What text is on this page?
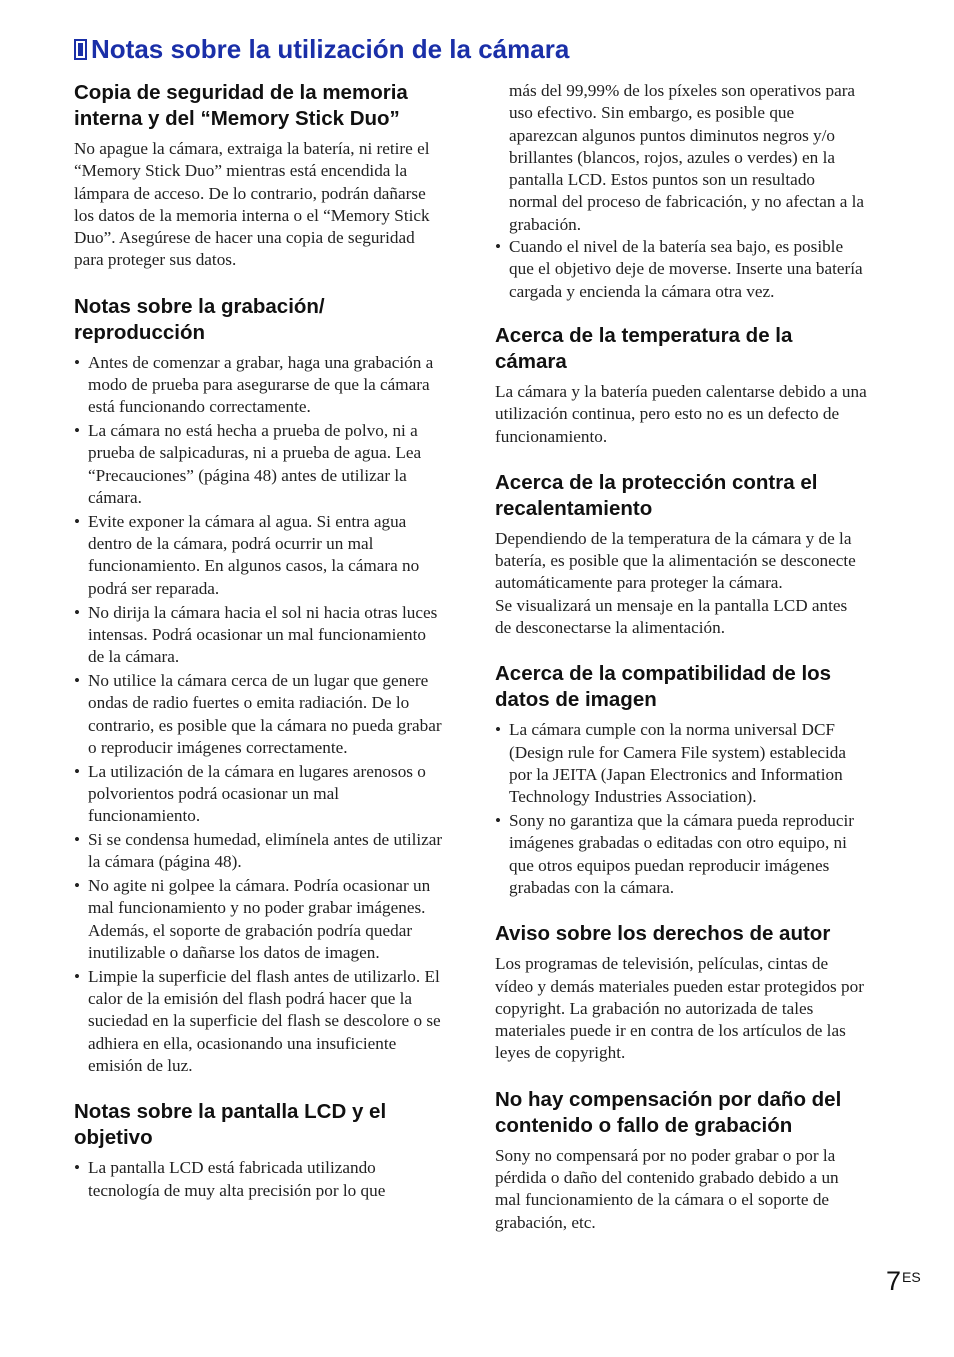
Notas sobre la utilización de la cámara
Copia de seguridad de la memoria interna y del “Memory Stick Duo”

No apague la cámara, extraiga la batería, ni retire el “Memory Stick Duo” mientras está encendida la lámpara de acceso. De lo contrario, podrán dañarse los datos de la memoria interna o el “Memory Stick Duo”. Asegúrese de hacer una copia de seguridad para proteger sus datos.

Notas sobre la grabación/ reproducción
• Antes de comenzar a grabar, haga una grabación a modo de prueba para asegurarse de que la cámara está funcionando correctamente.
• La cámara no está hecha a prueba de polvo, ni a prueba de salpicaduras, ni a prueba de agua. Lea “Precauciones” (página 48) antes de utilizar la cámara.
• Evite exponer la cámara al agua. Si entra agua dentro de la cámara, podrá ocurrir un mal funcionamiento. En algunos casos, la cámara no podrá ser reparada.
• No dirija la cámara hacia el sol ni hacia otras luces intensas. Podrá ocasionar un mal funcionamiento de la cámara.
• No utilice la cámara cerca de un lugar que genere ondas de radio fuertes o emita radiación. De lo contrario, es posible que la cámara no pueda grabar o reproducir imágenes correctamente.
• La utilización de la cámara en lugares arenosos o polvorientos podrá ocasionar un mal funcionamiento.
• Si se condensa humedad, elimínela antes de utilizar la cámara (página 48).
• No agite ni golpee la cámara. Podría ocasionar un mal funcionamiento y no poder grabar imágenes. Además, el soporte de grabación podría quedar inutilizable o dañarse los datos de imagen.
• Limpie la superficie del flash antes de utilizarlo. El calor de la emisión del flash podrá hacer que la suciedad en la superficie del flash se descolore o se adhiera en ella, ocasionando una insuficiente emisión de luz.
Notas sobre la pantalla LCD y el objetivo
• La pantalla LCD está fabricada utilizando tecnología de muy alta precisión por lo que

más del 99,99% de los píxeles son operativos para uso efectivo. Sin embargo, es posible que aparezcan algunos puntos diminutos negros y/o brillantes (blancos, rojos, azules o verdes) en la pantalla LCD. Estos puntos son un resultado normal del proceso de fabricación, y no afectan a la grabación.

• Cuando el nivel de la batería sea bajo, es posible que el objetivo deje de moverse. Inserte una batería cargada y encienda la cámara otra vez.
Acerca de la temperatura de la cámara

La cámara y la batería pueden calentarse debido a una utilización continua, pero esto no es un defecto de funcionamiento.

Acerca de la protección contra el recalentamiento

Dependiendo de la temperatura de la cámara y de la batería, es posible que la alimentación se desconecte automáticamente para proteger la cámara.

Se visualizará un mensaje en la pantalla LCD antes de desconectarse la alimentación.

Acerca de la compatibilidad de los datos de imagen
• La cámara cumple con la norma universal DCF (Design rule for Camera File system) establecida por la JEITA (Japan Electronics and Information Technology Industries Association).
• Sony no garantiza que la cámara pueda reproducir imágenes grabadas o editadas con otro equipo, ni que otros equipos puedan reproducir imágenes grabadas con la cámara.
Aviso sobre los derechos de autor

Los programas de televisión, películas, cintas de vídeo y demás materiales pueden estar protegidos por copyright. La grabación no autorizada de tales materiales puede ir en contra de los artículos de las leyes de copyright.

No hay compensación por daño del contenido o fallo de grabación

Sony no compensará por no poder grabar o por la pérdida o daño del contenido grabado debido a un mal funcionamiento de la cámara o el soporte de grabación, etc.

7ES
